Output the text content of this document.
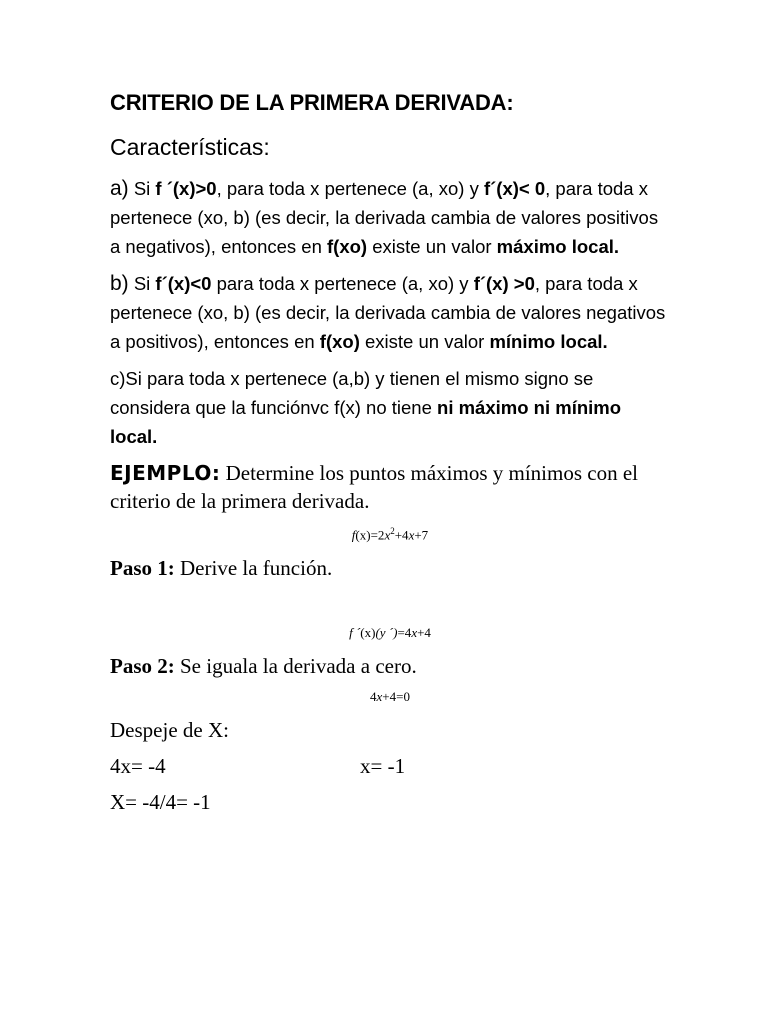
CRITERIO DE LA PRIMERA DERIVADA:
Características:
a) Si f ´(x)>0, para toda x pertenece (a, xo) y f´(x)< 0, para toda x pertenece (xo, b) (es decir, la derivada cambia de valores positivos a negativos), entonces en f(xo) existe un valor máximo local.
b) Si f´(x)<0 para toda x pertenece (a, xo) y f´(x) >0, para toda x pertenece (xo, b) (es decir, la derivada cambia de valores negativos a positivos), entonces en f(xo) existe un valor mínimo local.
c)Si para toda x pertenece (a,b) y tienen el mismo signo se considera que la funciónvc f(x) no tiene ni máximo ni mínimo local.
EJEMPLO: Determine los puntos máximos y mínimos con el criterio de la primera derivada.
$f(x)=2x^2+4x+7$
Paso 1: Derive la función.
f ´(x)(y ´)=4x+4
Paso 2: Se iguala la derivada a cero.
4x+4=0
Despeje de X:
4x= -4	x= -1
X= -4/4= -1
